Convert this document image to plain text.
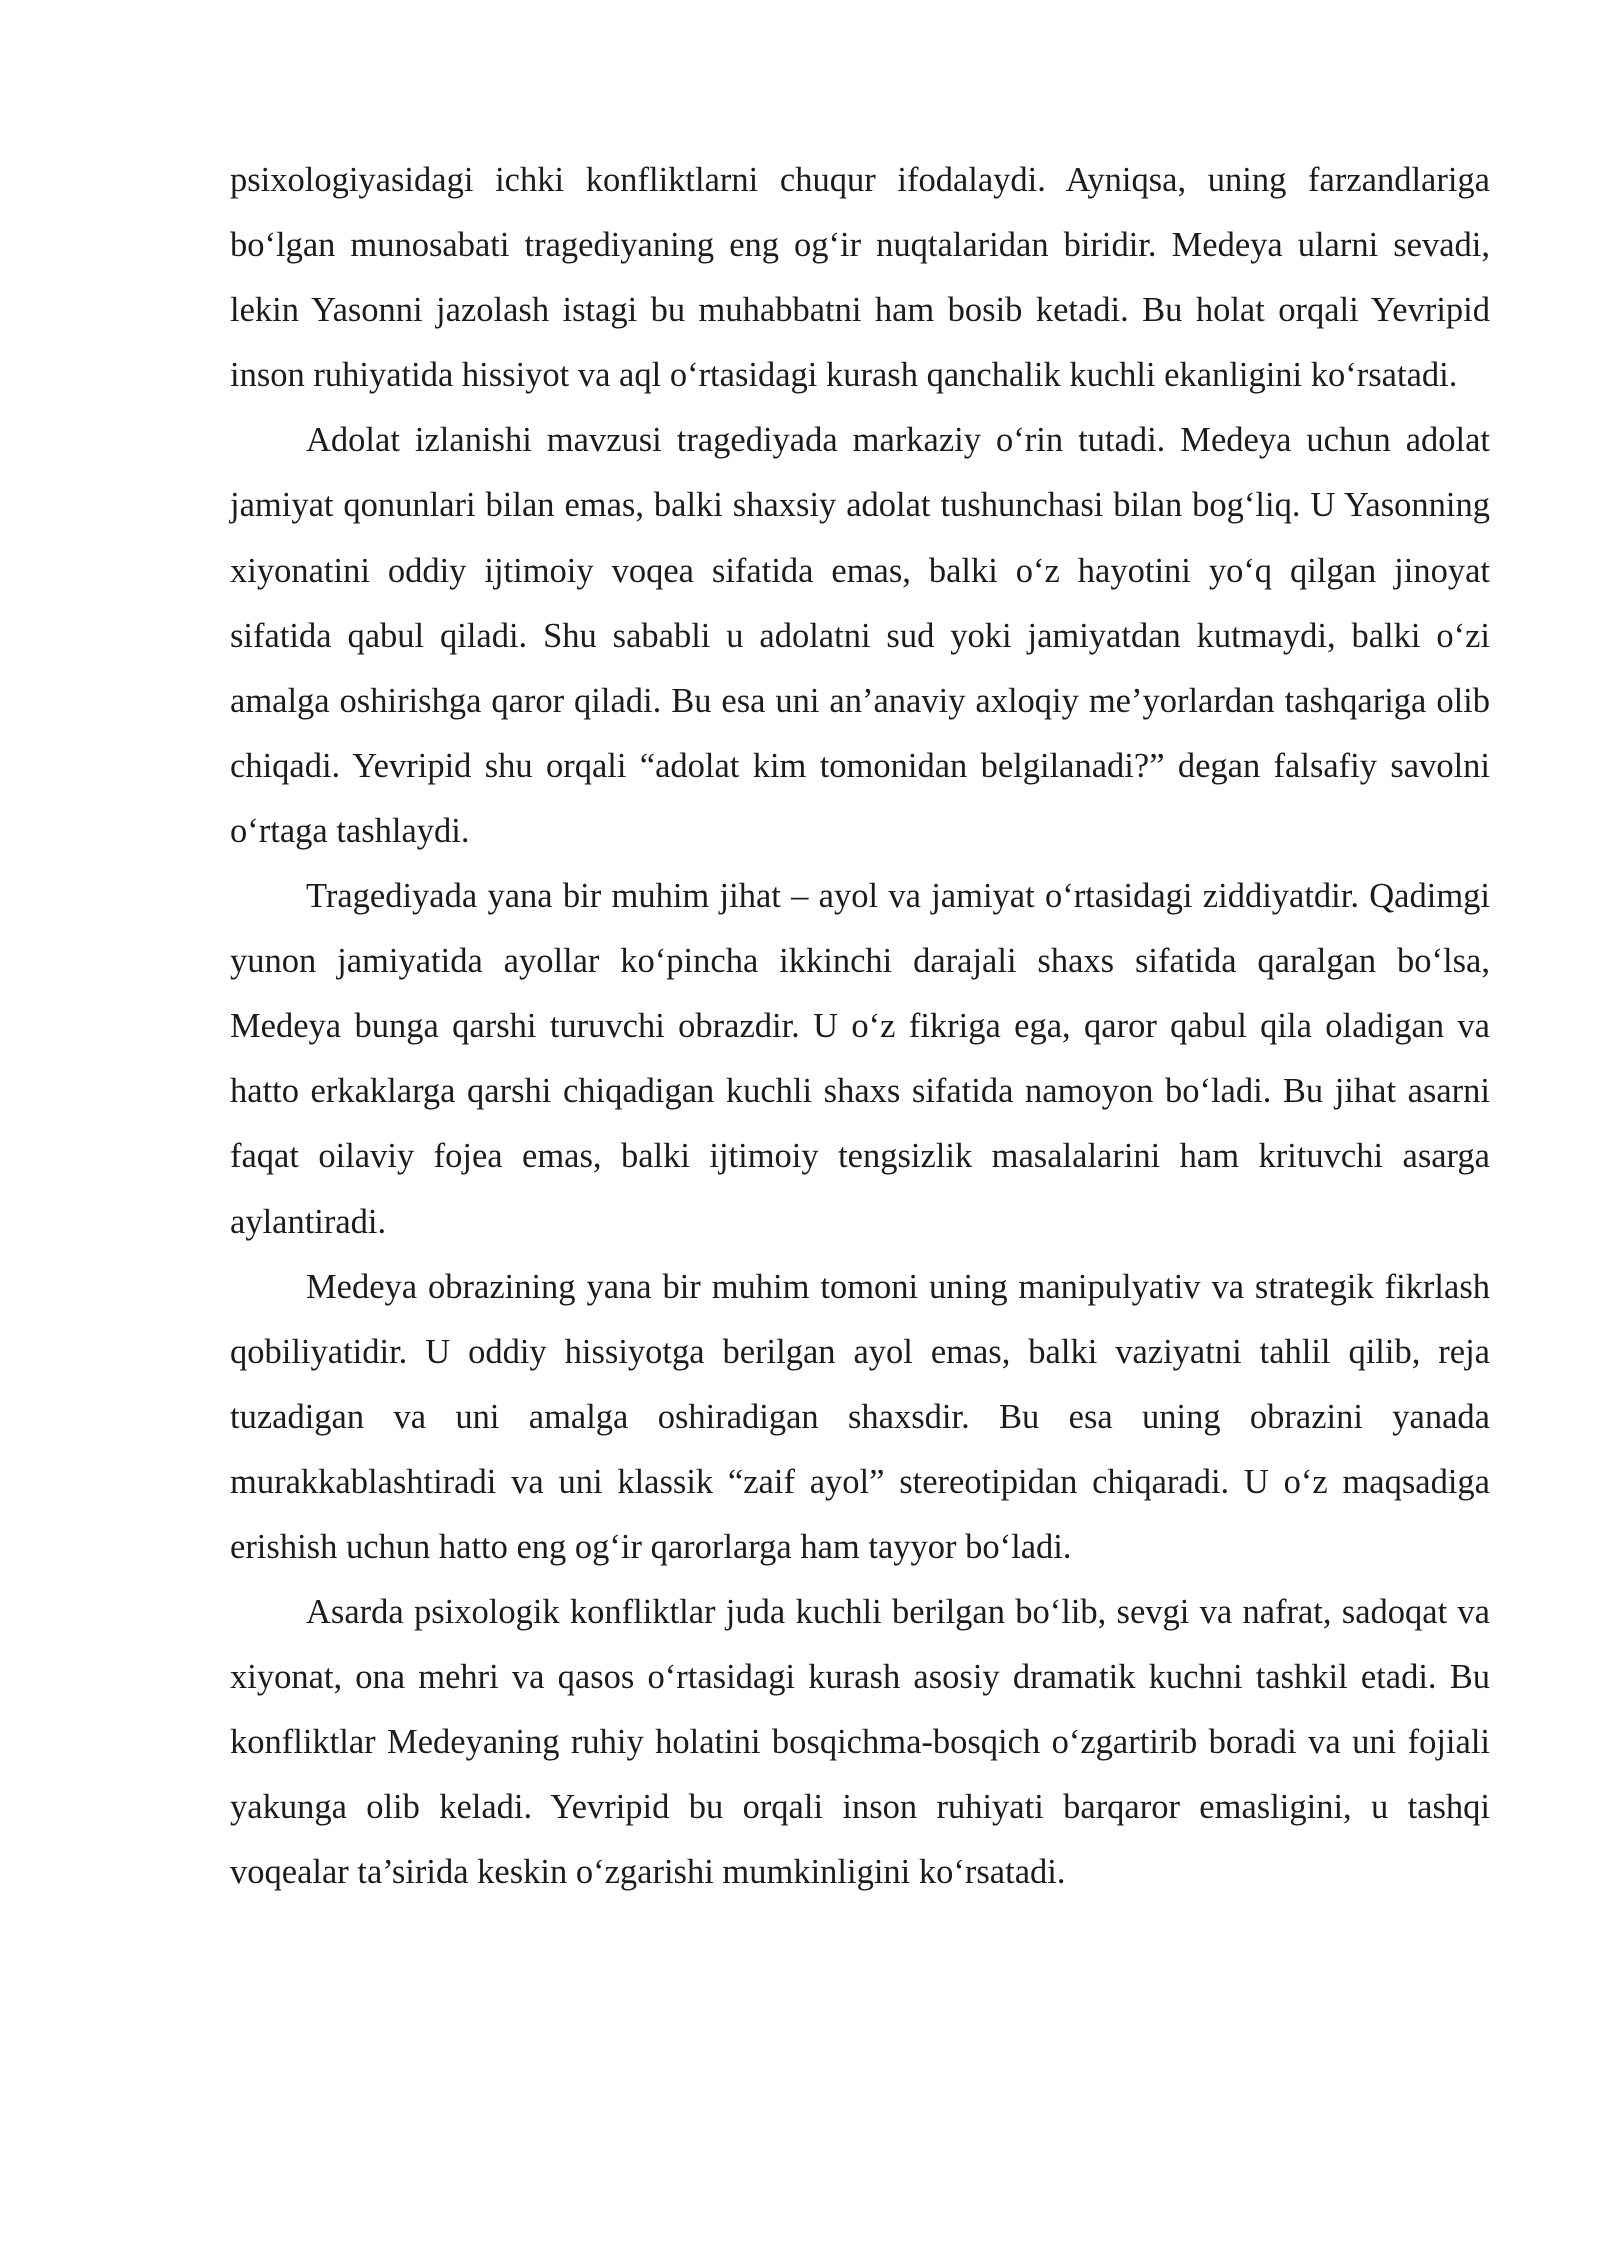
psixologiyasidagi ichki konfliktlarni chuqur ifodalaydi. Ayniqsa, uning farzandlariga bo‘lgan munosabati tragediyaning eng og‘ir nuqtalaridan biridir. Medeya ularni sevadi, lekin Yasonni jazolash istagi bu muhabbatni ham bosib ketadi. Bu holat orqali Yevripid inson ruhiyatida hissiyot va aql o‘rtasidagi kurash qanchalik kuchli ekanligini ko‘rsatadi.

Adolat izlanishi mavzusi tragediyada markaziy o‘rin tutadi. Medeya uchun adolat jamiyat qonunlari bilan emas, balki shaxsiy adolat tushunchasi bilan bog‘liq. U Yasonning xiyonatini oddiy ijtimoiy voqea sifatida emas, balki o‘z hayotini yo‘q qilgan jinoyat sifatida qabul qiladi. Shu sababli u adolatni sud yoki jamiyatdan kutmaydi, balki o‘zi amalga oshirishga qaror qiladi. Bu esa uni an’anaviy axloqiy me’yorlardan tashqariga olib chiqadi. Yevripid shu orqali “adolat kim tomonidan belgilanadi?” degan falsafiy savolni o‘rtaga tashlaydi.

Tragediyada yana bir muhim jihat – ayol va jamiyat o‘rtasidagi ziddiyatdir. Qadimgi yunon jamiyatida ayollar ko‘pincha ikkinchi darajali shaxs sifatida qaralgan bo‘lsa, Medeya bunga qarshi turuvchi obrazdir. U o‘z fikriga ega, qaror qabul qila oladigan va hatto erkaklarga qarshi chiqadigan kuchli shaxs sifatida namoyon bo‘ladi. Bu jihat asarni faqat oilaviy fojea emas, balki ijtimoiy tengsizlik masalalarini ham krituvchi asarga aylantiradi.

Medeya obrazining yana bir muhim tomoni uning manipulyativ va strategik fikrlash qobiliyatidir. U oddiy hissiyotga berilgan ayol emas, balki vaziyatni tahlil qilib, reja tuzadigan va uni amalga oshiradigan shaxsdir. Bu esa uning obrazini yanada murakkablashtiradi va uni klassik “zaif ayol” stereotipidan chiqaradi. U o‘z maqsadiga erishish uchun hatto eng og‘ir qarorlarga ham tayyor bo‘ladi.

Asarda psixologik konfliktlar juda kuchli berilgan bo‘lib, sevgi va nafrat, sadoqat va xiyonat, ona mehri va qasos o‘rtasidagi kurash asosiy dramatik kuchni tashkil etadi. Bu konfliktlar Medeyaning ruhiy holatini bosqichma-bosqich o‘zgartirib boradi va uni fojiali yakunga olib keladi. Yevripid bu orqali inson ruhiyati barqaror emasligini, u tashqi voqealar ta’sirida keskin o‘zgarishi mumkinligini ko‘rsatadi.
